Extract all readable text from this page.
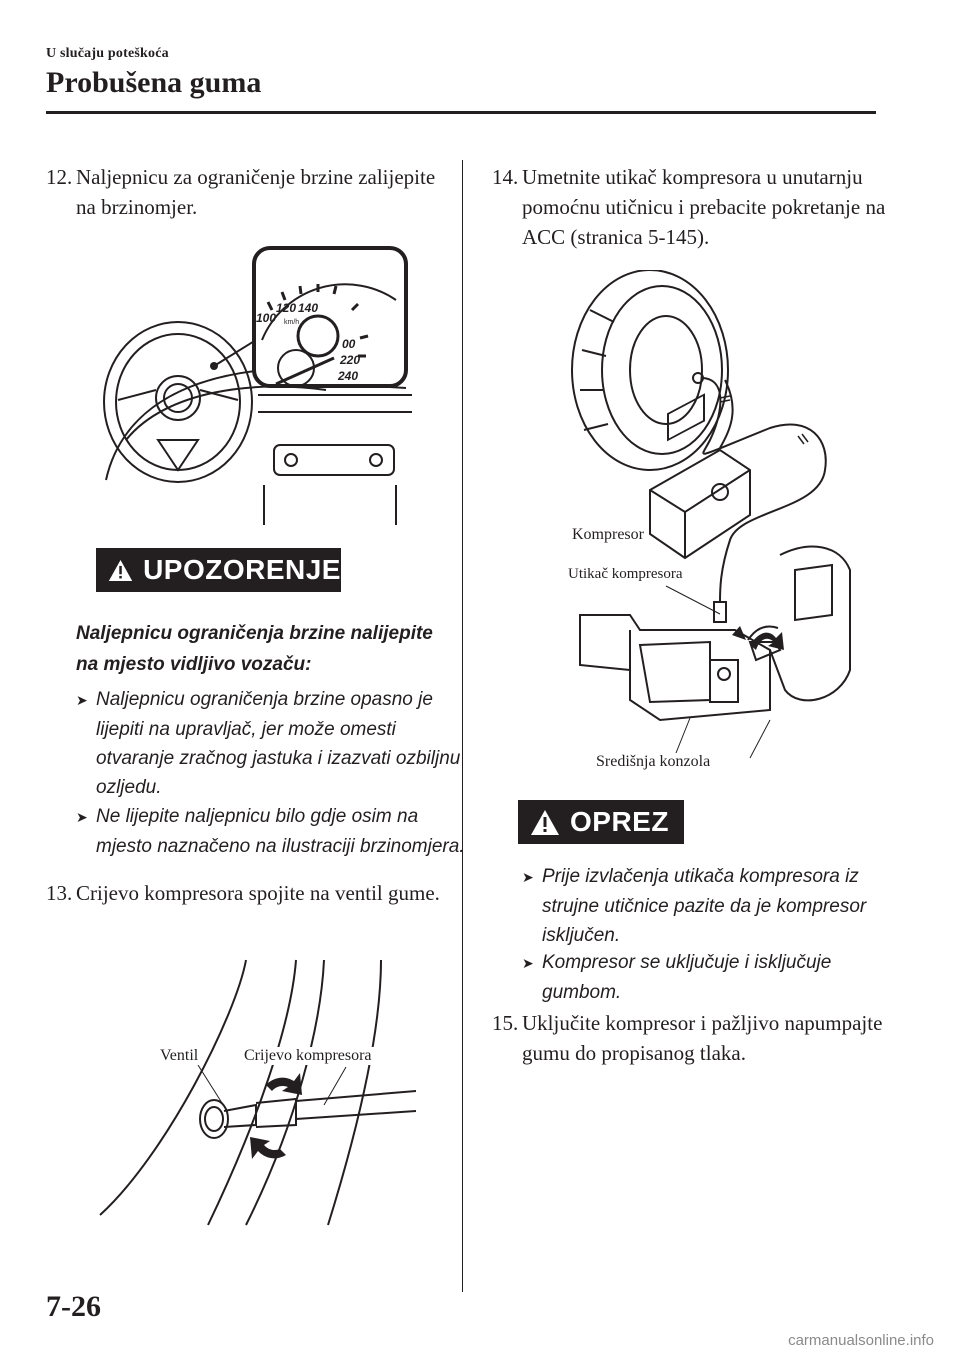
U slučaju poteškoća
Probušena guma
12. Naljepnicu za ograničenje brzine zalijepite na brzinomjer.
100
120 140
00
220
240
km/h
UPOZORENJE
Naljepnicu ograničenja brzine nalijepite na mjesto vidljivo vozaču:
➤ Naljepnicu ograničenja brzine opasno je lijepiti na upravljač, jer može omesti otvaranje zračnog jastuka i izazvati ozbiljnu ozljedu.
➤ Ne lijepite naljepnicu bilo gdje osim na mjesto naznačeno na ilustraciji brzinomjera.
13. Crijevo kompresora spojite na ventil gume.
Ventil	Crijevo kompresora
14. Umetnite utikač kompresora u unutarnju pomoćnu utičnicu i prebacite pokretanje na ACC (stranica 5-145).
Kompresor
Utikač kompresora
Središnja konzola
OPREZ
➤ Prije izvlačenja utikača kompresora iz strujne utičnice pazite da je kompresor isključen.
➤ Kompresor se uključuje i isključuje gumbom.
15. Uključite kompresor i pažljivo napumpajte gumu do propisanog tlaka.
7-26
carmanualsonline.info
